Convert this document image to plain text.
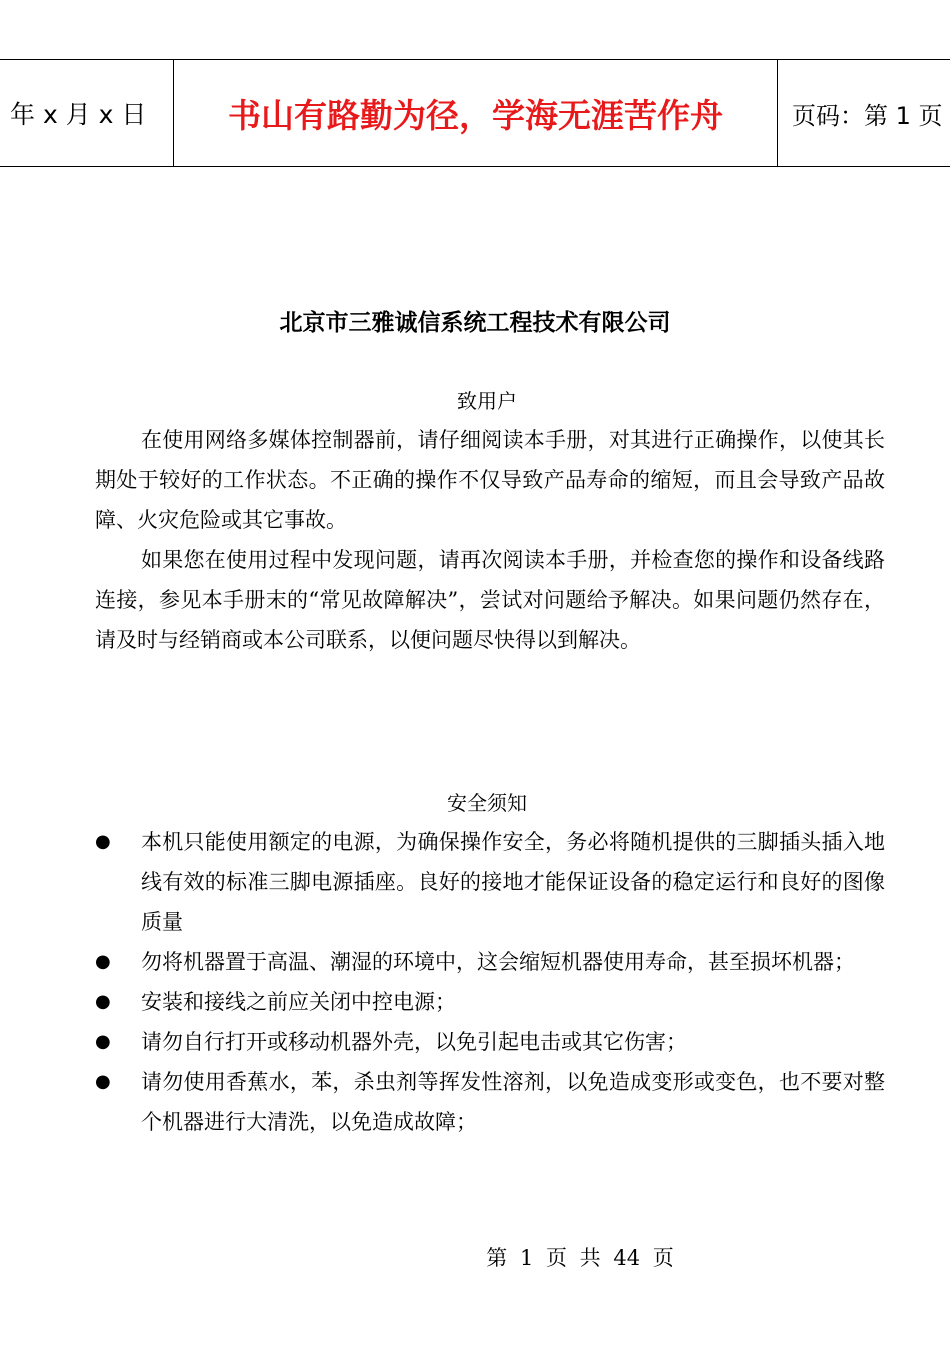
年 x 月 x 日	书山有路勤为径，学海无涯苦作舟	页码：第 1 页
北京市三雅诚信系统工程技术有限公司
致用户

在使用网络多媒体控制器前，请仔细阅读本手册，对其进行正确操作，以使其长期处于较好的工作状态。不正确的操作不仅导致产品寿命的缩短，而且会导致产品故障、火灾危险或其它事故。

如果您在使用过程中发现问题，请再次阅读本手册，并检查您的操作和设备线路连接，参见本手册末的“常见故障解决”，尝试对问题给予解决。如果问题仍然存在，请及时与经销商或本公司联系，以便问题尽快得以到解决。

安全须知
● 本机只能使用额定的电源，为确保操作安全，务必将随机提供的三脚插头插入地线有效的标准三脚电源插座。良好的接地才能保证设备的稳定运行和良好的图像质量
● 勿将机器置于高温、潮湿的环境中，这会缩短机器使用寿命，甚至损坏机器；
● 安装和接线之前应关闭中控电源；
● 请勿自行打开或移动机器外壳，以免引起电击或其它伤害；
● 请勿使用香蕉水，苯，杀虫剂等挥发性溶剂，以免造成变形或变色，也不要对整个机器进行大清洗，以免造成故障；
第 1 页 共 44 页
